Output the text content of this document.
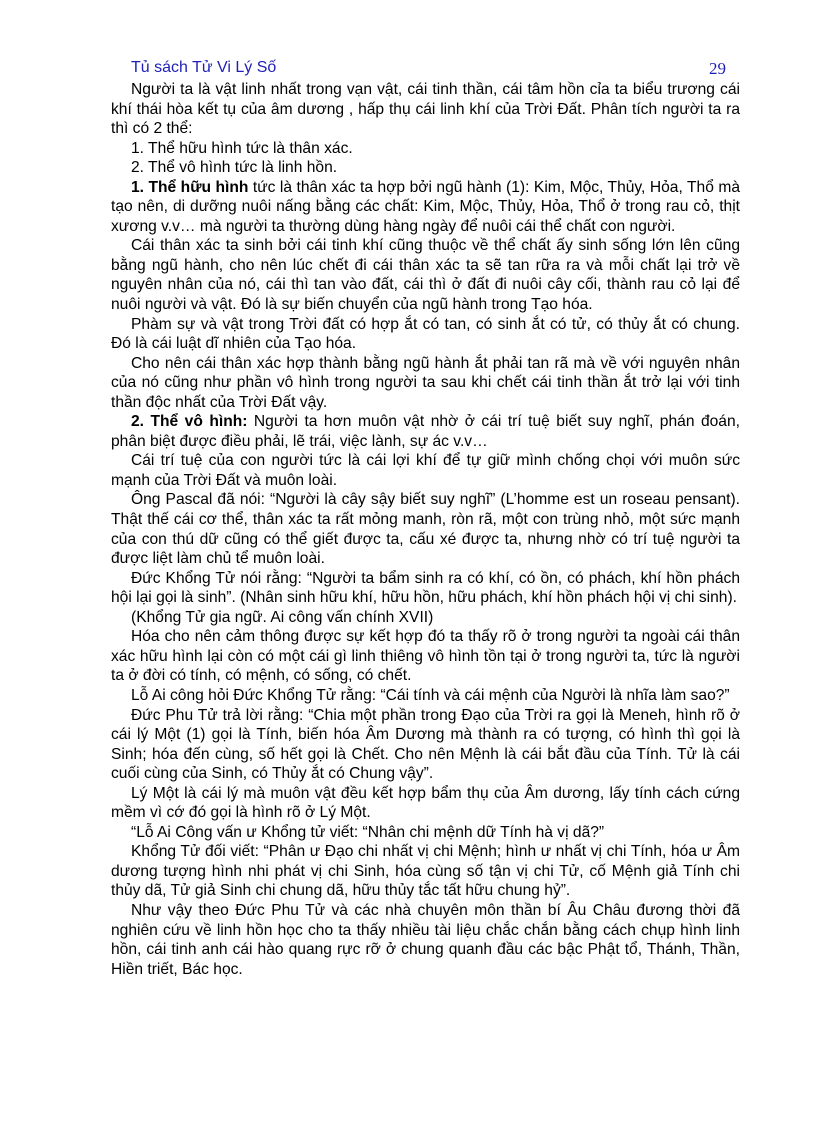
Tủ sách Tử Vi Lý Số	29

Người ta là vật linh nhất trong vạn vật, cái tinh thần, cái tâm hồn cỉa ta biểu trương cái khí thái hòa kết tụ của âm dương , hấp thụ cái linh khí của Trời Đất. Phân tích người ta ra thì có 2 thể:

1. Thể hữu hình tức là thân xác.

2. Thể vô hình tức là linh hồn.

1. Thể hữu hình tức là thân xác ta hợp bởi ngũ hành (1): Kim, Mộc, Thủy, Hỏa, Thổ mà tạo nên, di dưỡng nuôi nấng bằng các chất: Kim, Mộc, Thủy, Hỏa, Thổ ở trong rau cỏ, thịt xương v.v… mà người ta thường dùng hàng ngày để nuôi cái thể chất con người.

Cái thân xác ta sinh bởi cái tinh khí cũng thuộc về thể chất ấy sinh sống lớn lên cũng bằng ngũ hành, cho nên lúc chết đi cái thân xác ta sẽ tan rữa ra và mỗi chất lại trở về nguyên nhân của nó, cái thì tan vào đất, cái thì ở đất đi nuôi cây cối, thành rau cỏ lại để nuôi người và vật. Đó là sự biến chuyển của ngũ hành trong Tạo hóa.

Phàm sự và vật trong Trời đất có hợp ắt có tan, có sinh ắt có tử, có thủy ắt có chung. Đó là cái luật dĩ nhiên của Tạo hóa.

Cho nên cái thân xác hợp thành bằng ngũ hành ắt phải tan rã mà về với nguyên nhân của nó cũng như phần vô hình trong người ta sau khi chết cái tinh thần ắt trở lại với tinh thần độc nhất của Trời Đất vậy.

2. Thể vô hình: Người ta hơn muôn vật nhờ ở cái trí tuệ biết suy nghĩ, phán đoán, phân biệt được điều phải, lẽ trái, việc lành, sự ác v.v…

Cái trí tuệ của con người tức là cái lợi khí để tự giữ mình chống chọi với muôn sức mạnh của Trời Đất và muôn loài.

Ông Pascal đã nói: “Người là cây sậy biết suy nghĩ” (L’homme est un roseau pensant). Thật thế cái cơ thể, thân xác ta rất mỏng manh, ròn rã, một con trùng nhỏ, một sức mạnh của con thú dữ cũng có thể giết được ta, cấu xé được ta, nhưng nhờ có trí tuệ người ta được liệt làm chủ tể muôn loài.

Đức Khổng Tử nói rằng: “Người ta bẩm sinh ra có khí, có ồn, có phách, khí hồn phách hội lại gọi là sinh”. (Nhân sinh hữu khí, hữu hồn, hữu phách, khí hồn phách hội vị chi sinh).

(Khổng Tử gia ngữ. Ai công vấn chính XVII)

Hóa cho nên cảm thông được sự kết hợp đó ta thấy rõ ở trong người ta ngoài cái thân xác hữu hình lại còn có một cái gì linh thiêng vô hình tồn tại ở trong người ta, tức là người ta ở đời có tính, có mệnh, có sống, có chết.

Lỗ Ai công hỏi Đức Khổng Tử rằng: “Cái tính và cái mệnh của Người là nhĩa làm sao?”

Đức Phu Tử trả lời rằng: “Chia một phần trong Đạo của Trời ra gọi là Meneh, hình rõ ở cái lý Một (1) gọi là Tính, biến hóa Âm Dương mà thành ra có tượng, có hình thì gọi là Sinh; hóa đến cùng, số hết gọi là Chết. Cho nên Mệnh là cái bắt đầu của Tính. Tử là cái cuối cùng của Sinh, có Thủy ắt có Chung vậy”.

Lý Một là cái lý mà muôn vật đều kết hợp bẩm thụ của Âm dương, lấy tính cách cứng mềm vì cớ đó gọi là hình rõ ở Lý Một.

“Lỗ Ai Công vấn ư Khổng tử viết: “Nhân chi mệnh dữ Tính hà vị dã?”

Khổng Tử đối viết: “Phân ư Đạo chi nhất vị chi Mệnh; hình ư nhất vị chi Tính, hóa ư Âm dương tượng hình nhi phát vị chi Sinh, hóa cùng số tận vị chi Tử, cố Mệnh giả Tính chi thủy dã, Tử giả Sinh chi chung dã, hữu thủy tắc tất hữu chung hỷ”.

Như vậy theo Đức Phu Tử và các nhà chuyên môn thần bí Âu Châu đương thời đã nghiên cứu về linh hồn học cho ta thấy nhiều tài liệu chắc chắn bằng cách chụp hình linh hồn, cái tinh anh cái hào quang rực rỡ ở chung quanh đầu các bậc Phật tổ, Thánh, Thần, Hiền triết, Bác học.
